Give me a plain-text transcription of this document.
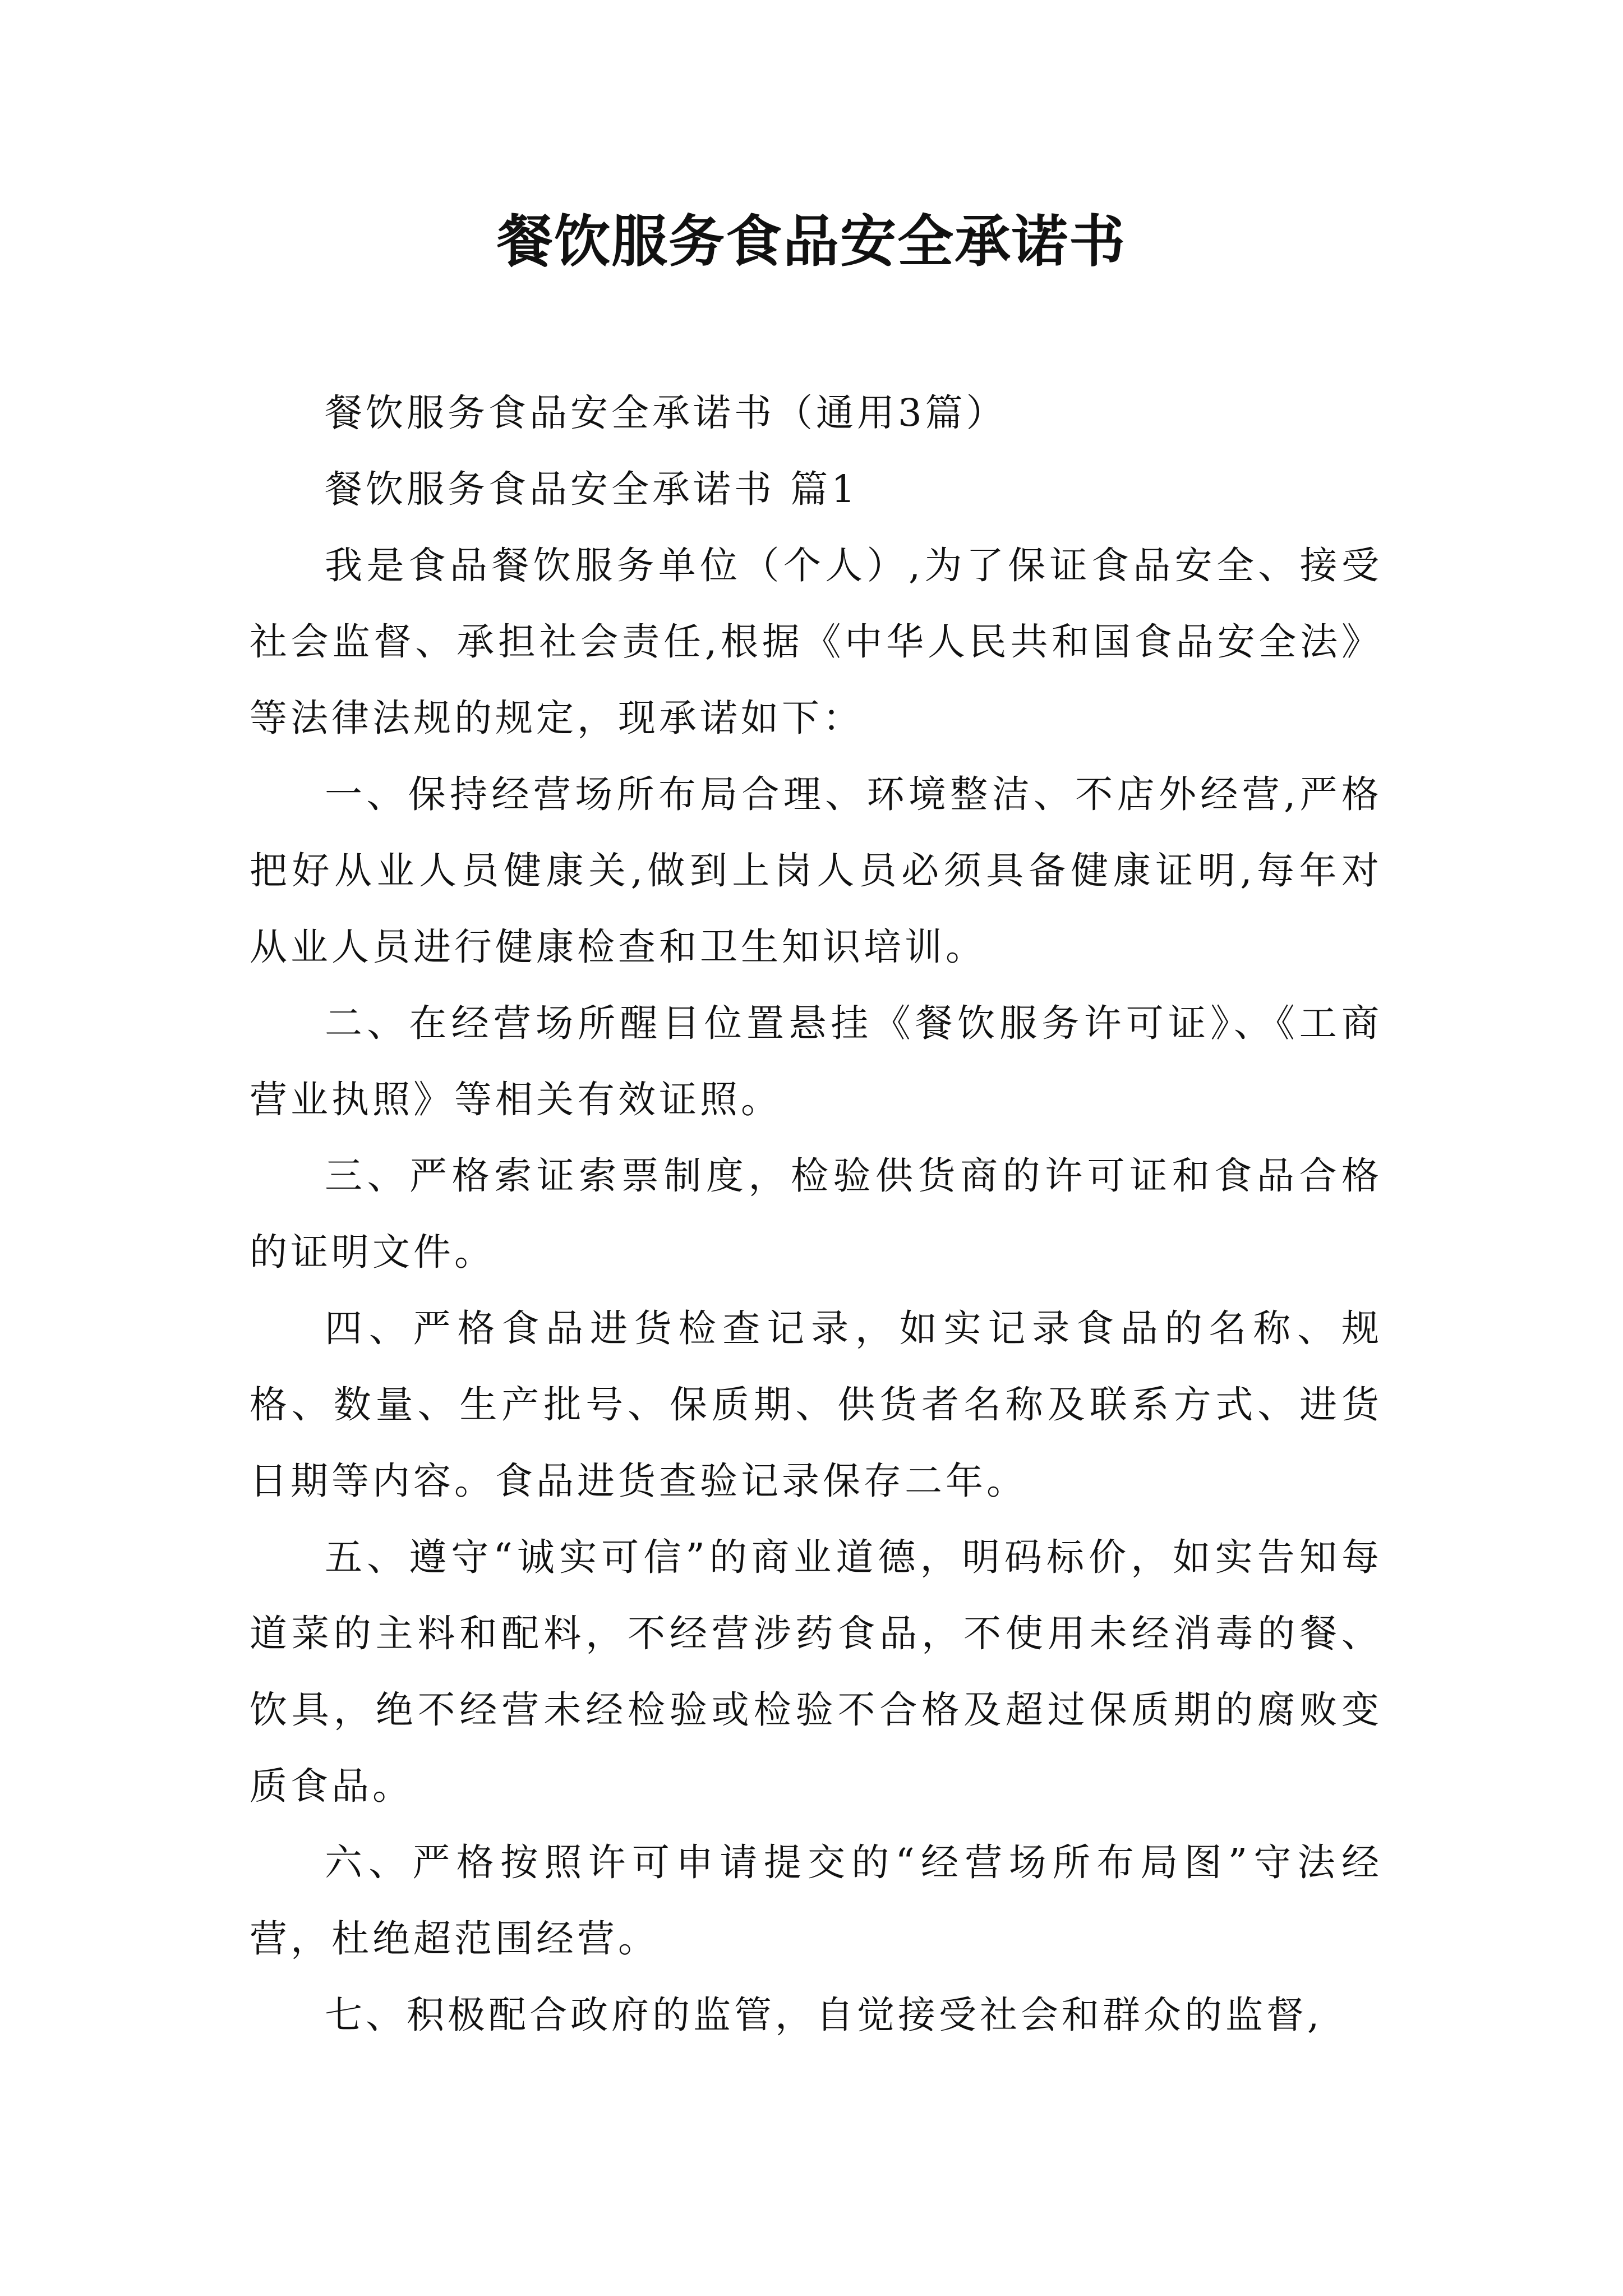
餐饮服务食品安全承诺书

餐饮服务食品安全承诺书（通用3篇）

餐饮服务食品安全承诺书 篇1

我是食品餐饮服务单位（个人）,为了保证食品安全、接受社会监督、承担社会责任,根据《中华人民共和国食品安全法》等法律法规的规定，现承诺如下：

一、保持经营场所布局合理、环境整洁、不店外经营,严格把好从业人员健康关,做到上岗人员必须具备健康证明,每年对从业人员进行健康检查和卫生知识培训。

二、在经营场所醒目位置悬挂《餐饮服务许可证》、《工商营业执照》等相关有效证照。

三、严格索证索票制度，检验供货商的许可证和食品合格的证明文件。

四、严格食品进货检查记录，如实记录食品的名称、规格、数量、生产批号、保质期、供货者名称及联系方式、进货日期等内容。食品进货查验记录保存二年。

五、遵守“诚实可信”的商业道德，明码标价，如实告知每道菜的主料和配料，不经营涉药食品，不使用未经消毒的餐、饮具，绝不经营未经检验或检验不合格及超过保质期的腐败变质食品。

六、严格按照许可申请提交的“经营场所布局图”守法经营，杜绝超范围经营。

七、积极配合政府的监管，自觉接受社会和群众的监督,
